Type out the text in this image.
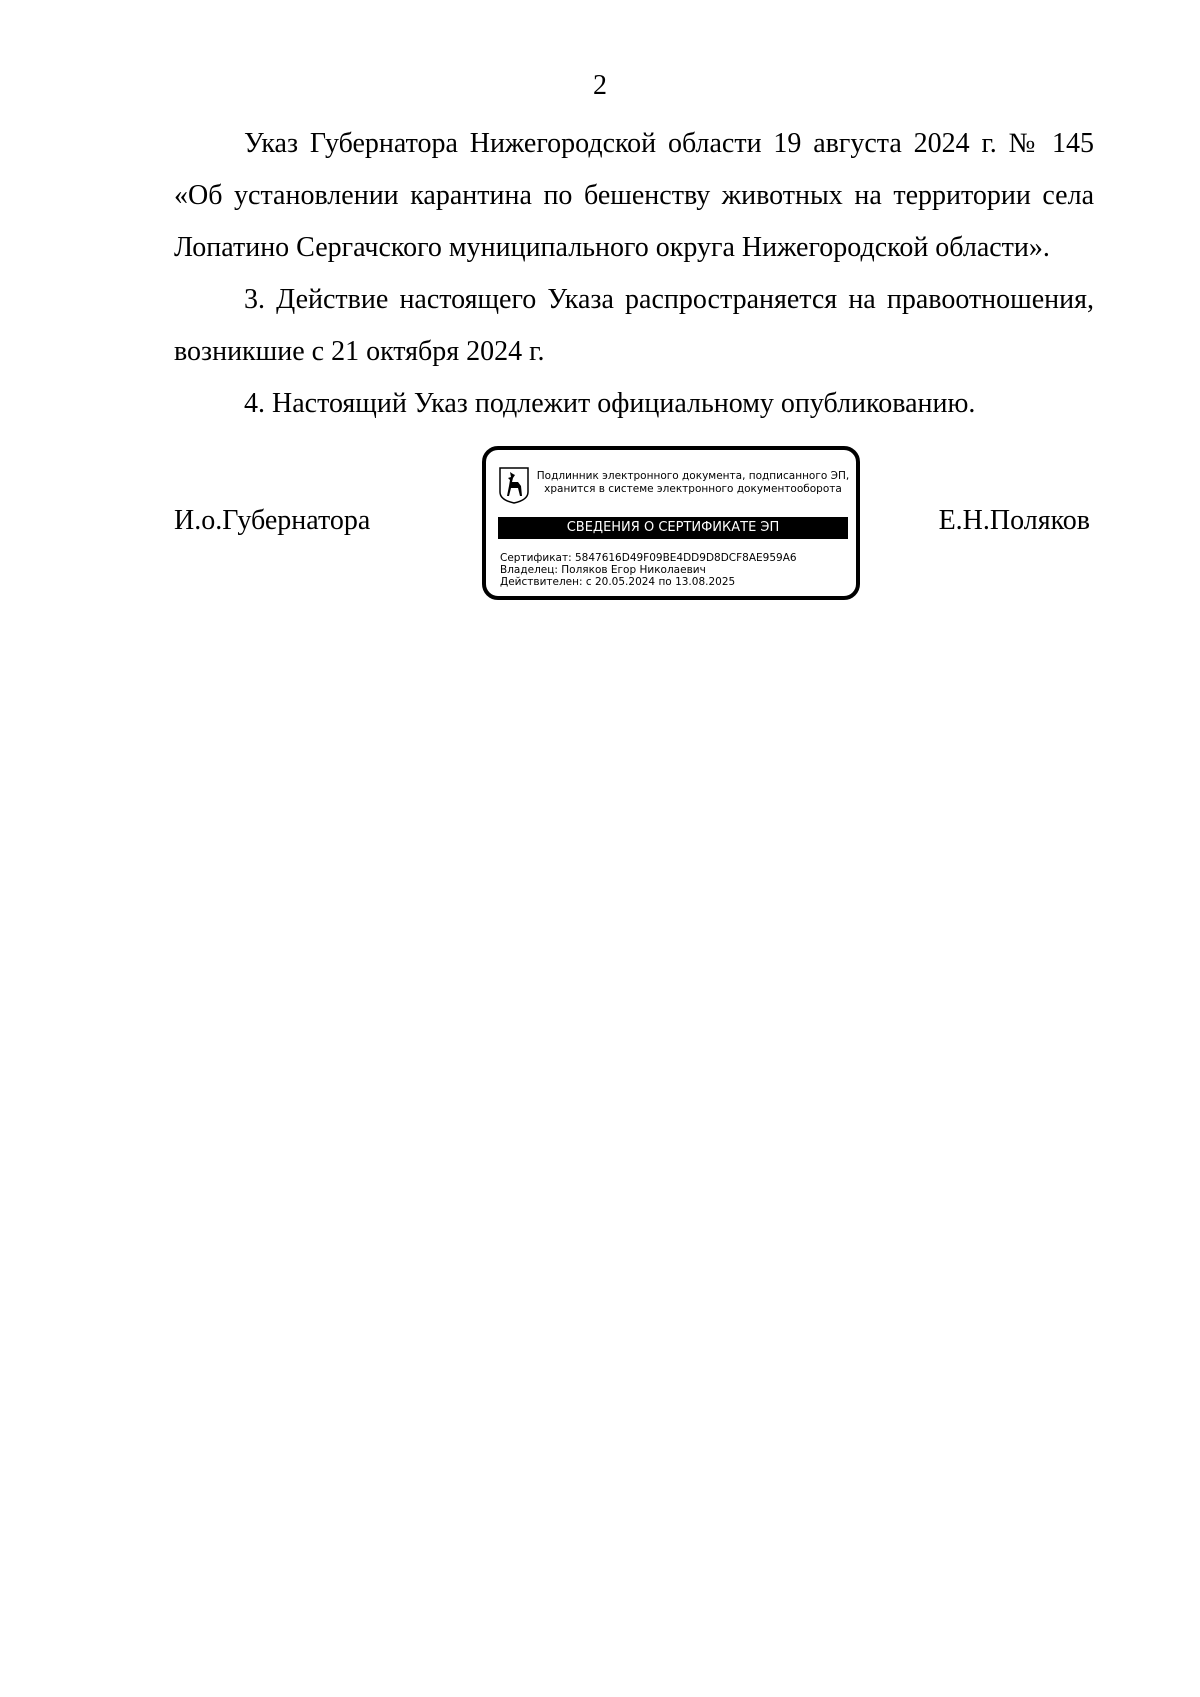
2

Указ Губернатора Нижегородской области 19 августа 2024 г. № 145 «Об установлении карантина по бешенству животных на территории села Лопатино Сергачского муниципального округа Нижегородской области».

3. Действие настоящего Указа распространяется на правоотношения, возникшие с 21 октября 2024 г.

4. Настоящий Указ подлежит официальному опубликованию.

И.о.Губернатора	Е.Н.Поляков
Подлинник электронного документа, подписанного ЭП,
хранится в системе электронного документооборота
СВЕДЕНИЯ О СЕРТИФИКАТЕ ЭП
Сертификат: 5847616D49F09BE4DD9D8DCF8AE959A6
Владелец: Поляков Егор Николаевич
Действителен: с 20.05.2024 по 13.08.2025
